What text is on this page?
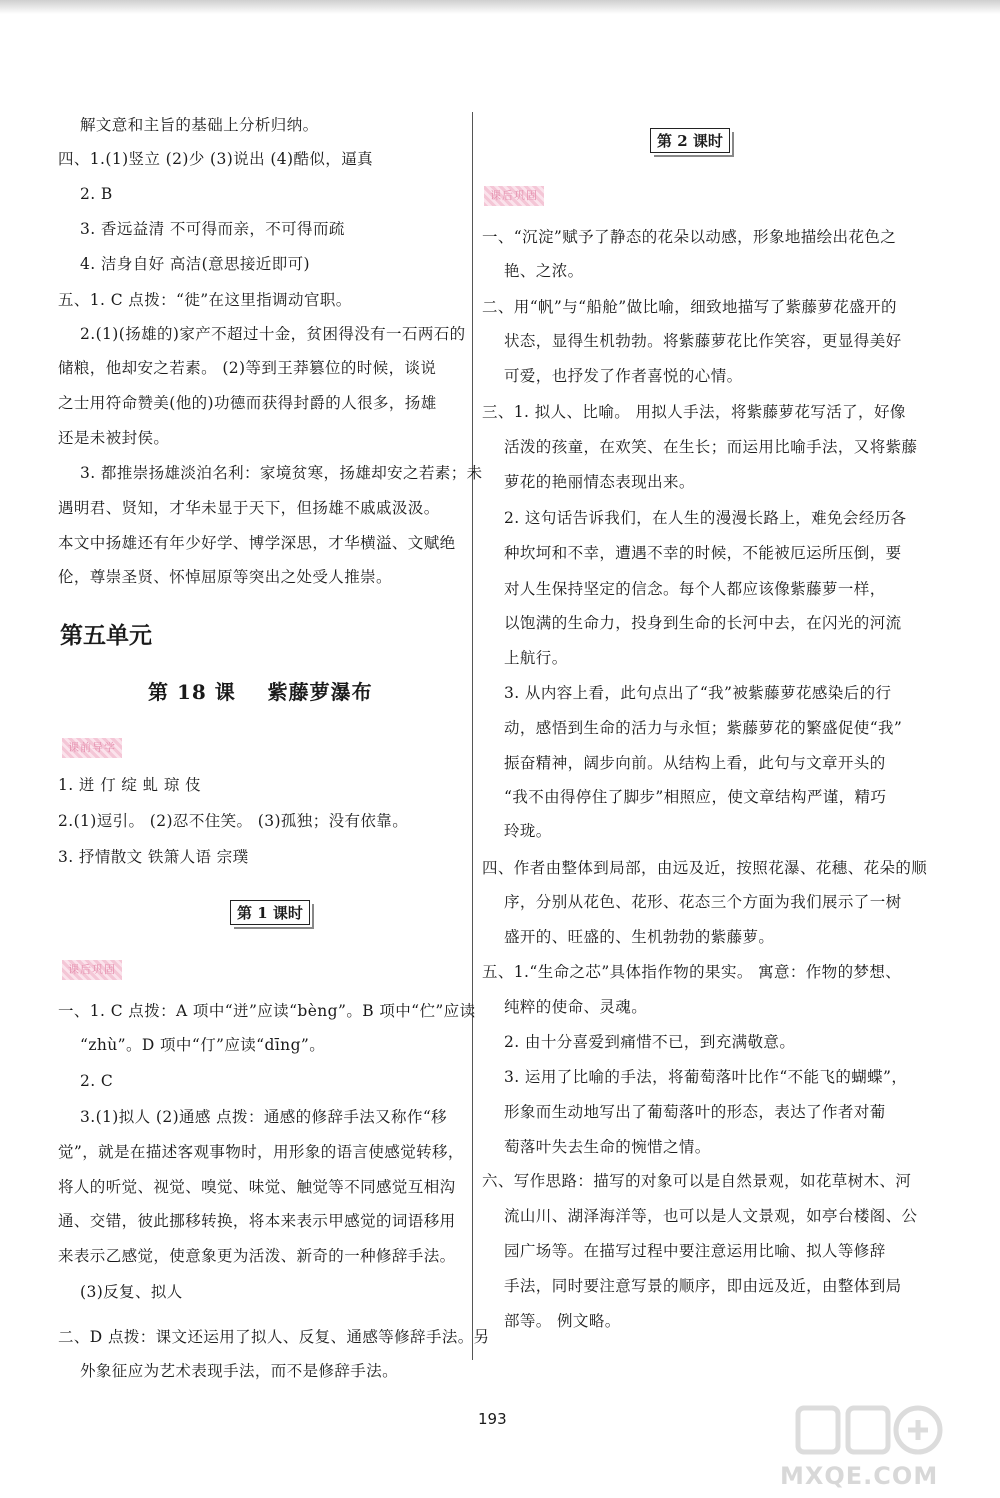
第五单元
第 18 课    紫藤萝瀑布
课前导学
第 1 课时
课后巩固
第 2 课时
课后巩固
193
MXQE.COM
解文意和主旨的基础上分析归纳。
四、1.(1)竖立 (2)少 (3)说出 (4)酷似，逼真
2. B
3. 香远益清 不可得而亲，不可得而疏
4. 洁身自好 高洁(意思接近即可)
五、1. C 点拨：“徙”在这里指调动官职。
2.(1)(扬雄的)家产不超过十金，贫困得没有一石两石的
储粮，他却安之若素。 (2)等到王莽篡位的时候，谈说
之士用符命赞美(他的)功德而获得封爵的人很多，扬雄
还是未被封侯。
3. 都推崇扬雄淡泊名利：家境贫寒，扬雄却安之若素；未
遇明君、贤知，才华未显于天下，但扬雄不戚戚汲汲。
本文中扬雄还有年少好学、博学深思，才华横溢、文赋绝
伦，尊崇圣贤、怀悼屈原等突出之处受人推崇。
1. 迸 仃 绽 虬 琼 伎
2.(1)逗引。 (2)忍不住笑。 (3)孤独；没有依靠。
3. 抒情散文 铁箫人语 宗璞
一、1. C 点拨：A 项中“迸”应读“bèng”。B 项中“伫”应读
“zhù”。D 项中“仃”应读“dīng”。
2. C
3.(1)拟人 (2)通感 点拨：通感的修辞手法又称作“移
觉”，就是在描述客观事物时，用形象的语言使感觉转移，
将人的听觉、视觉、嗅觉、味觉、触觉等不同感觉互相沟
通、交错，彼此挪移转换，将本来表示甲感觉的词语移用
来表示乙感觉，使意象更为活泼、新奇的一种修辞手法。
(3)反复、拟人
二、D 点拨：课文还运用了拟人、反复、通感等修辞手法。另
外象征应为艺术表现手法，而不是修辞手法。
一、“沉淀”赋予了静态的花朵以动感，形象地描绘出花色之
艳、之浓。
二、用“帆”与“船舱”做比喻，细致地描写了紫藤萝花盛开的
状态，显得生机勃勃。将紫藤萝花比作笑容，更显得美好
可爱，也抒发了作者喜悦的心情。
三、1. 拟人、比喻。 用拟人手法，将紫藤萝花写活了，好像
活泼的孩童，在欢笑、在生长；而运用比喻手法，又将紫藤
萝花的艳丽情态表现出来。
2. 这句话告诉我们，在人生的漫漫长路上，难免会经历各
种坎坷和不幸，遭遇不幸的时候，不能被厄运所压倒，要
对人生保持坚定的信念。每个人都应该像紫藤萝一样，
以饱满的生命力，投身到生命的长河中去，在闪光的河流
上航行。
3. 从内容上看，此句点出了“我”被紫藤萝花感染后的行
动，感悟到生命的活力与永恒；紫藤萝花的繁盛促使“我”
振奋精神，阔步向前。从结构上看，此句与文章开头的
“我不由得停住了脚步”相照应，使文章结构严谨，精巧
玲珑。
四、作者由整体到局部，由远及近，按照花瀑、花穗、花朵的顺
序，分别从花色、花形、花态三个方面为我们展示了一树
盛开的、旺盛的、生机勃勃的紫藤萝。
五、1.“生命之芯”具体指作物的果实。 寓意：作物的梦想、
纯粹的使命、灵魂。
2. 由十分喜爱到痛惜不已，到充满敬意。
3. 运用了比喻的手法，将葡萄落叶比作“不能飞的蝴蝶”，
形象而生动地写出了葡萄落叶的形态，表达了作者对葡
萄落叶失去生命的惋惜之情。
六、写作思路：描写的对象可以是自然景观，如花草树木、河
流山川、湖泽海洋等，也可以是人文景观，如亭台楼阁、公
园广场等。在描写过程中要注意运用比喻、拟人等修辞
手法，同时要注意写景的顺序，即由远及近，由整体到局
部等。 例文略。
